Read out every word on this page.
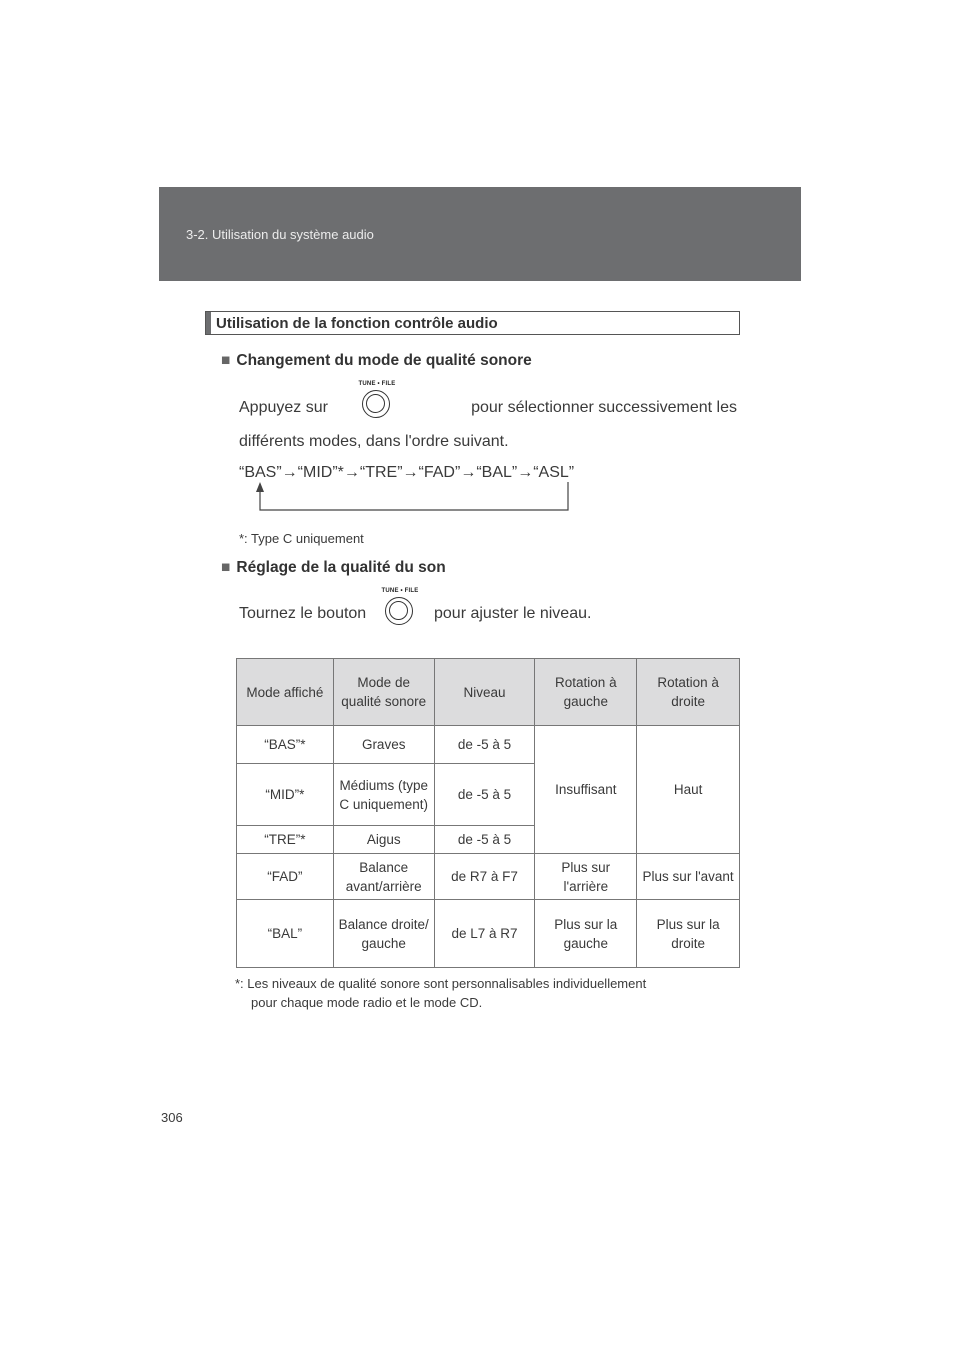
3-2. Utilisation du système audio
Utilisation de la fonction contrôle audio
■ Changement du mode de qualité sonore
Appuyez sur
TUNE • FILE
pour sélectionner successivement les
différents modes, dans l'ordre suivant.
“BAS”→“MID”*→“TRE”→“FAD”→“BAL”→“ASL”
*: Type C uniquement
■ Réglage de la qualité du son
Tournez le bouton
TUNE • FILE
pour ajuster le niveau.
Mode affiché	Mode de qualité sonore	Niveau	Rotation à gauche	Rotation à droite
“BAS”*	Graves	de -5 à 5	Insuffisant	Haut
“MID”*	Médiums (type C uniquement)	de -5 à 5		
“TRE”*	Aigus	de -5 à 5		
“FAD”	Balance avant/arrière	de R7 à F7	Plus sur l'arrière	Plus sur l'avant
“BAL”	Balance droite/ gauche	de L7 à R7	Plus sur la gauche	Plus sur la droite
*: Les niveaux de qualité sonore sont personnalisables individuellement
pour chaque mode radio et le mode CD.
306
